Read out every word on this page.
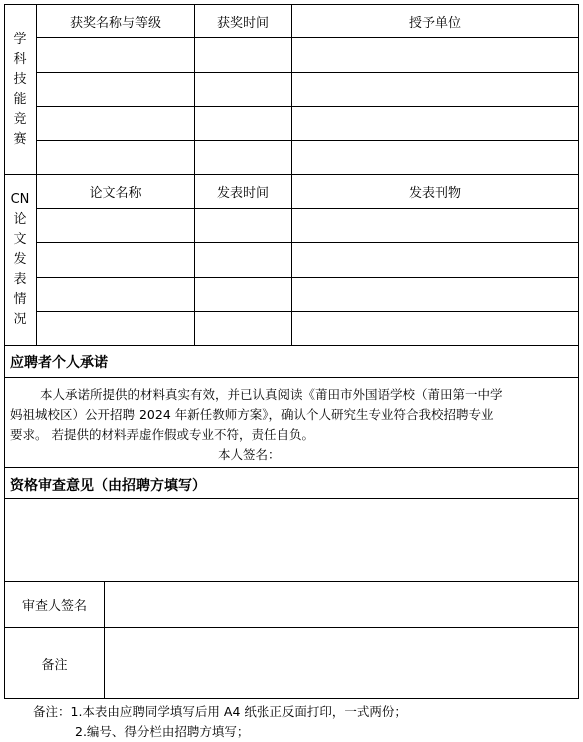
学
科
技
能
竞
赛
获奖名称与等级	获奖时间	授予单位
CN
论
文
发
表
情
况
论文名称	发表时间	发表刊物
应聘者个人承诺
本人承诺所提供的材料真实有效，并已认真阅读《莆田市外国语学校（莆田第一中学
妈祖城校区）公开招聘 2024 年新任教师方案》，确认个人研究生专业符合我校招聘专业
要求。 若提供的材料弄虚作假或专业不符，责任自负。
本人签名：
资格审查意见（由招聘方填写）
审查人签名
备注
备注：1.本表由应聘同学填写后用 A4 纸张正反面打印，一式两份；
2.编号、得分栏由招聘方填写；
